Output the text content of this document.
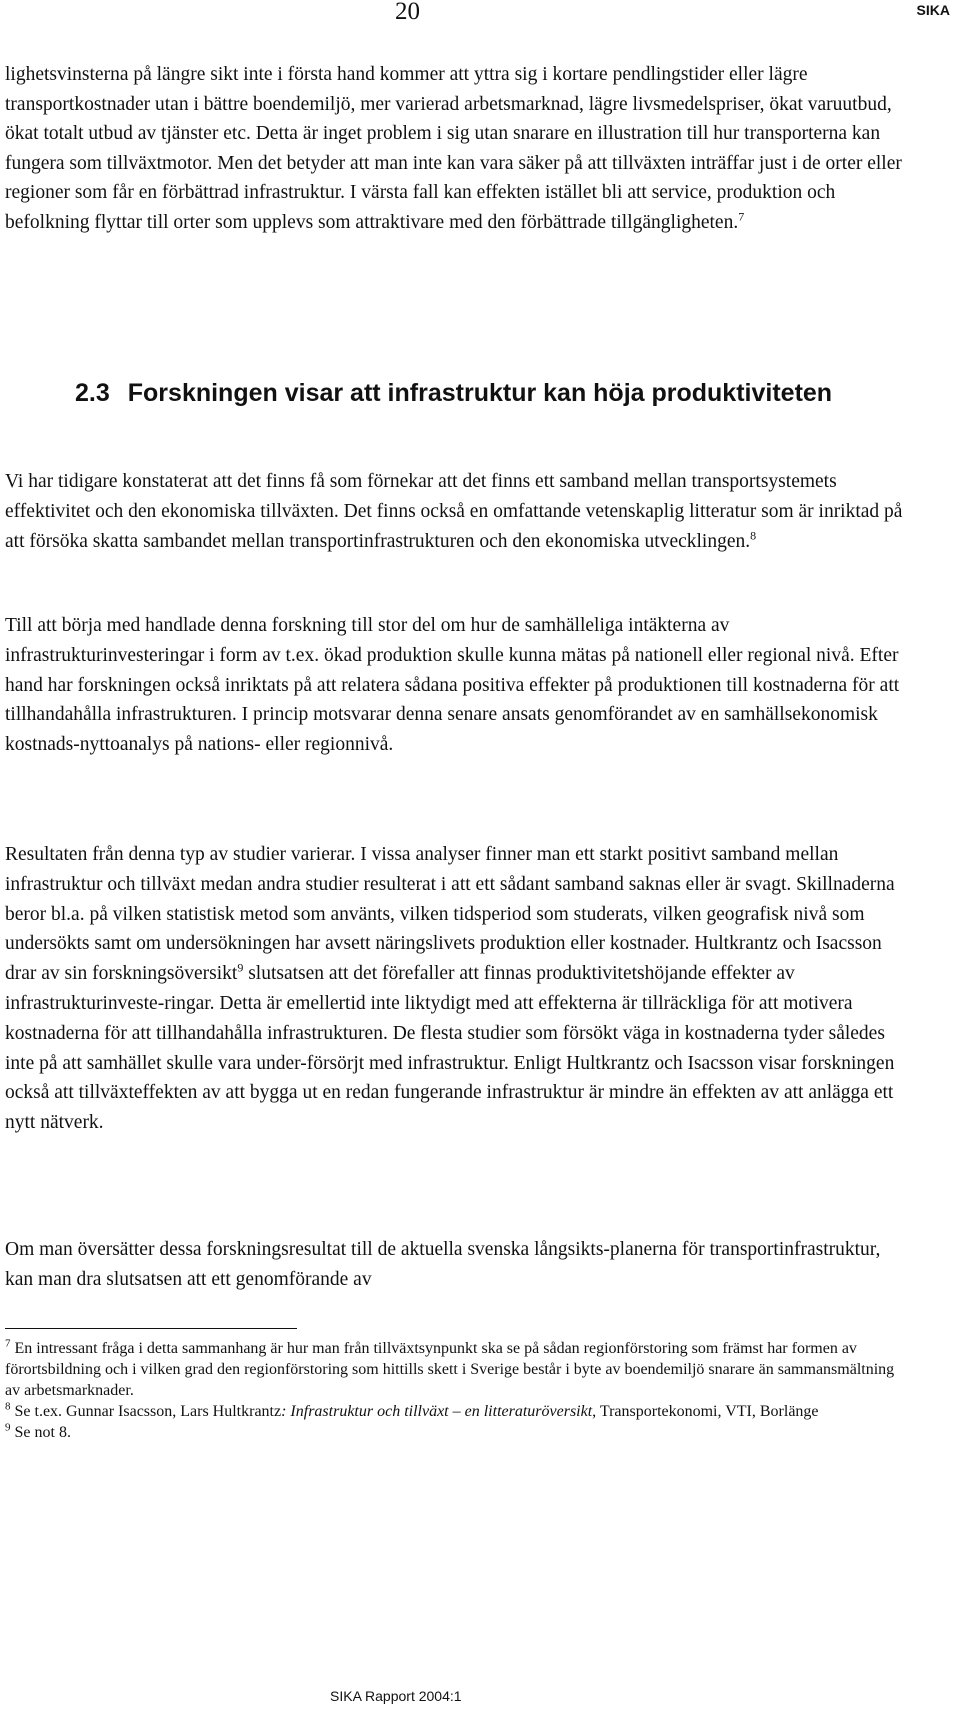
20	SIKA

lighetsvinsterna på längre sikt inte i första hand kommer att yttra sig i kortare pendlingstider eller lägre transportkostnader utan i bättre boendemiljö, mer varierad arbetsmarknad, lägre livsmedelspriser, ökat varuutbud, ökat totalt utbud av tjänster etc. Detta är inget problem i sig utan snarare en illustration till hur transporterna kan fungera som tillväxtmotor. Men det betyder att man inte kan vara säker på att tillväxten inträffar just i de orter eller regioner som får en förbättrad infrastruktur. I värsta fall kan effekten istället bli att service, produktion och befolkning flyttar till orter som upplevs som attraktivare med den förbättrade tillgängligheten.$^7$

2.3 Forskningen visar att infrastruktur kan höja produktiviteten

Vi har tidigare konstaterat att det finns få som förnekar att det finns ett samband mellan transportsystemets effektivitet och den ekonomiska tillväxten. Det finns också en omfattande vetenskaplig litteratur som är inriktad på att försöka skatta sambandet mellan transportinfrastrukturen och den ekonomiska utvecklingen.$^8$

Till att börja med handlade denna forskning till stor del om hur de samhälleliga intäkterna av infrastrukturinvesteringar i form av t.ex. ökad produktion skulle kunna mätas på nationell eller regional nivå. Efter hand har forskningen också inriktats på att relatera sådana positiva effekter på produktionen till kostnaderna för att tillhandahålla infrastrukturen. I princip motsvarar denna senare ansats genomförandet av en samhällsekonomisk kostnads-nyttoanalys på nations- eller regionnivå.

Resultaten från denna typ av studier varierar. I vissa analyser finner man ett starkt positivt samband mellan infrastruktur och tillväxt medan andra studier resulterat i att ett sådant samband saknas eller är svagt. Skillnaderna beror bl.a. på vilken statistisk metod som använts, vilken tidsperiod som studerats, vilken geografisk nivå som undersökts samt om undersökningen har avsett näringslivets produktion eller kostnader. Hultkrantz och Isacsson drar av sin forskningsöversikt$^9$ slutsatsen att det förefaller att finnas produktivitetshöjande effekter av infrastrukturinveste-ringar. Detta är emellertid inte liktydigt med att effekterna är tillräckliga för att motivera kostnaderna för att tillhandahålla infrastrukturen. De flesta studier som försökt väga in kostnaderna tyder således inte på att samhället skulle vara under-försörjt med infrastruktur. Enligt Hultkrantz och Isacsson visar forskningen också att tillväxteffekten av att bygga ut en redan fungerande infrastruktur är mindre än effekten av att anlägga ett nytt nätverk.

Om man översätter dessa forskningsresultat till de aktuella svenska långsikts-planerna för transportinfrastruktur, kan man dra slutsatsen att ett genomförande av

$^7$ En intressant fråga i detta sammanhang är hur man från tillväxtsynpunkt ska se på sådan regionförstoring som främst har formen av förortsbildning och i vilken grad den regionförstoring som hittills skett i Sverige består i byte av boendemiljö snarare än sammansmältning av arbetsmarknader.

$^8$ Se t.ex. Gunnar Isacsson, Lars Hultkrantz: Infrastruktur och tillväxt – en litteraturöversikt, Transportekonomi, VTI, Borlänge

$^9$ Se not 8.

SIKA Rapport 2004:1
